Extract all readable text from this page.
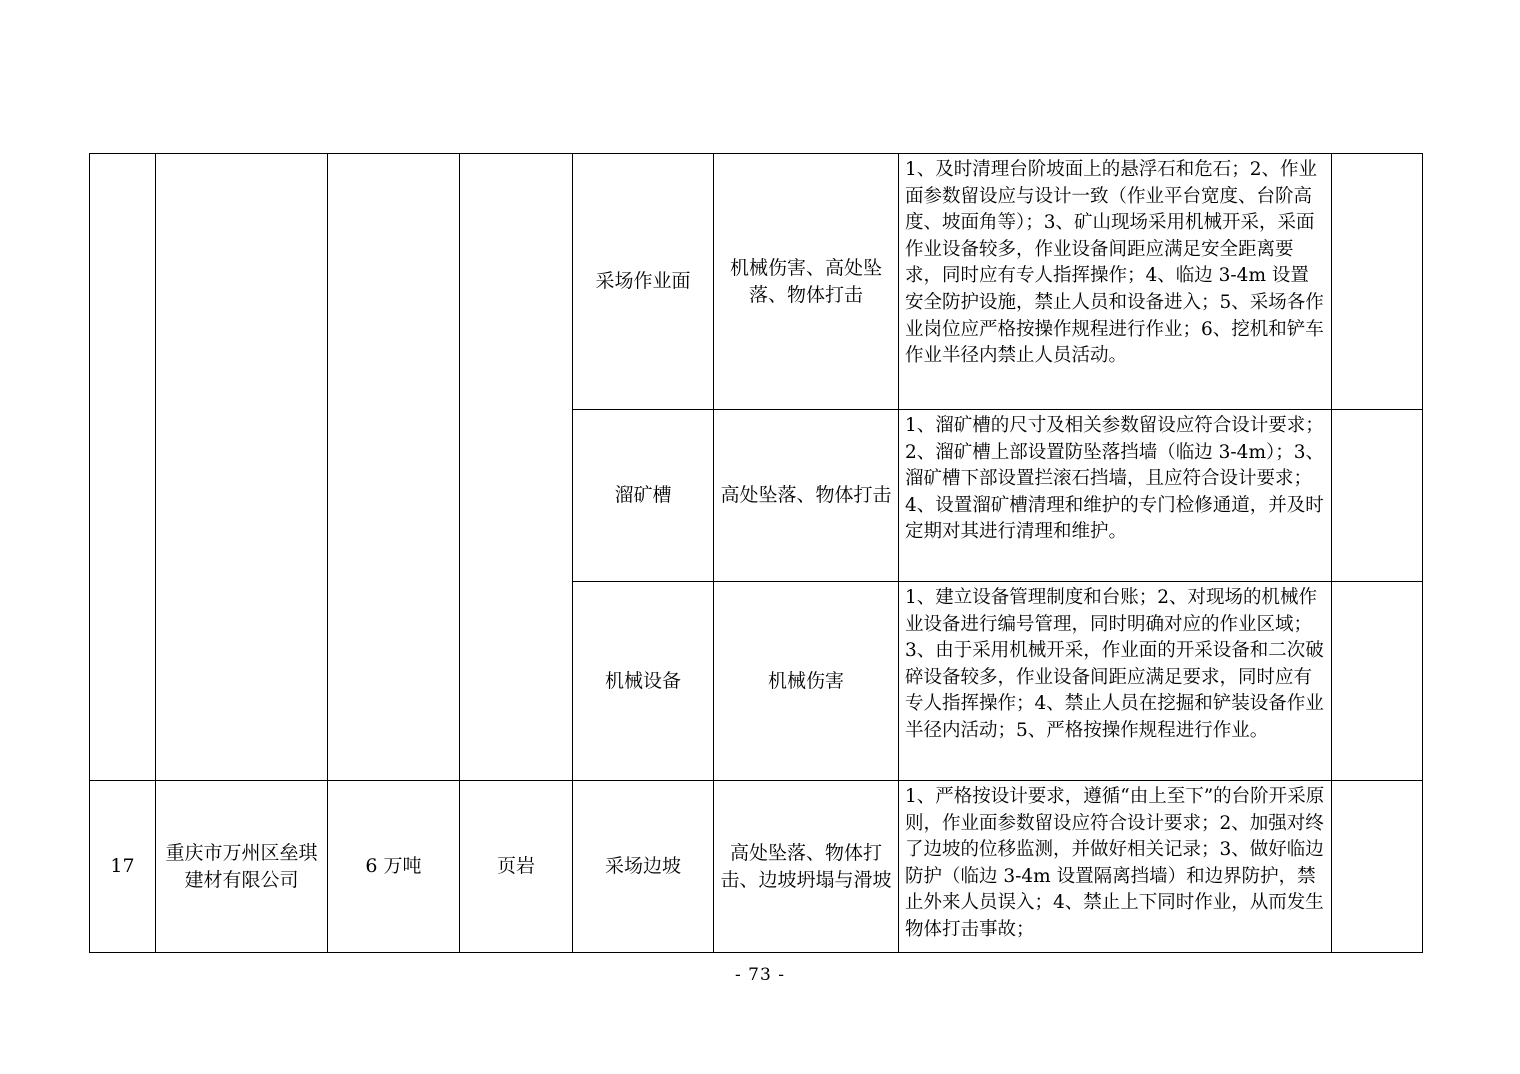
				采场作业面	机械伤害、高处坠落、物体打击	1、及时清理台阶坡面上的悬浮石和危石；2、作业面参数留设应与设计一致（作业平台宽度、台阶高度、坡面角等）；3、矿山现场采用机械开采，采面作业设备较多，作业设备间距应满足安全距离要求，同时应有专人指挥操作；4、临边 3-4m 设置安全防护设施，禁止人员和设备进入；5、采场各作业岗位应严格按操作规程进行作业；6、挖机和铲车作业半径内禁止人员活动。	
				溜矿槽	高处坠落、物体打击	1、溜矿槽的尺寸及相关参数留设应符合设计要求；2、溜矿槽上部设置防坠落挡墙（临边 3-4m）；3、溜矿槽下部设置拦滚石挡墙，且应符合设计要求；4、设置溜矿槽清理和维护的专门检修通道，并及时定期对其进行清理和维护。	
				机械设备	机械伤害	1、建立设备管理制度和台账；2、对现场的机械作业设备进行编号管理，同时明确对应的作业区域；3、由于采用机械开采，作业面的开采设备和二次破碎设备较多，作业设备间距应满足要求，同时应有专人指挥操作；4、禁止人员在挖掘和铲装设备作业半径内活动；5、严格按操作规程进行作业。	
17	重庆市万州区垒琪建材有限公司	6 万吨	页岩	采场边坡	高处坠落、物体打击、边坡坍塌与滑坡	1、严格按设计要求，遵循“由上至下”的台阶开采原则，作业面参数留设应符合设计要求；2、加强对终了边坡的位移监测，并做好相关记录；3、做好临边防护（临边 3-4m 设置隔离挡墙）和边界防护，禁止外来人员误入；4、禁止上下同时作业，从而发生物体打击事故；	
- 73 -
